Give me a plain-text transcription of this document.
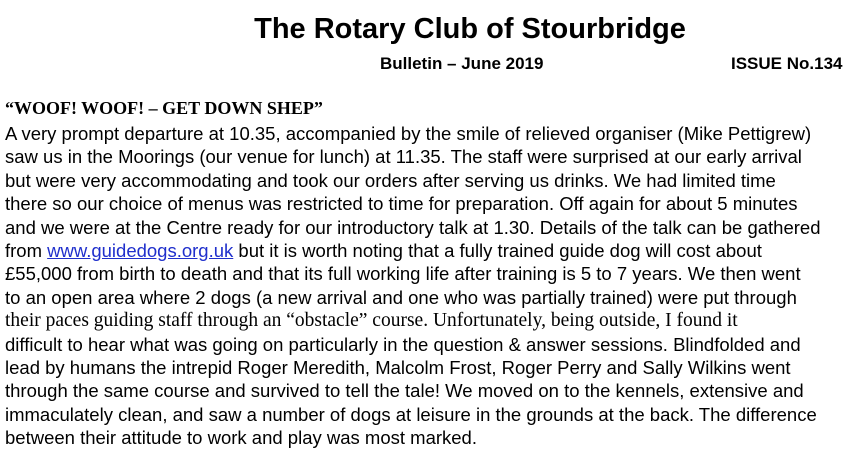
The Rotary Club of Stourbridge
Bulletin – June 2019	ISSUE No.134
“WOOF! WOOF! – GET DOWN SHEP”
A very prompt departure at 10.35, accompanied by the smile of relieved organiser (Mike Pettigrew)
saw us in the Moorings (our venue for lunch) at 11.35. The staff were surprised at our early arrival
but were very accommodating and took our orders after serving us drinks. We had limited time
there so our choice of menus was restricted to time for preparation. Off again for about 5 minutes
and we were at the Centre ready for our introductory talk at 1.30. Details of the talk can be gathered
from www.guidedogs.org.uk but it is worth noting that a fully trained guide dog will cost about
£55,000 from birth to death and that its full working life after training is 5 to 7 years. We then went
to an open area where 2 dogs (a new arrival and one who was partially trained) were put through
their paces guiding staff through an “obstacle” course. Unfortunately, being outside, I found it
difficult to hear what was going on particularly in the question & answer sessions. Blindfolded and
lead by humans the intrepid Roger Meredith, Malcolm Frost, Roger Perry and Sally Wilkins went
through the same course and survived to tell the tale! We moved on to the kennels, extensive and
immaculately clean, and saw a number of dogs at leisure in the grounds at the back. The difference
between their attitude to work and play was most marked.
